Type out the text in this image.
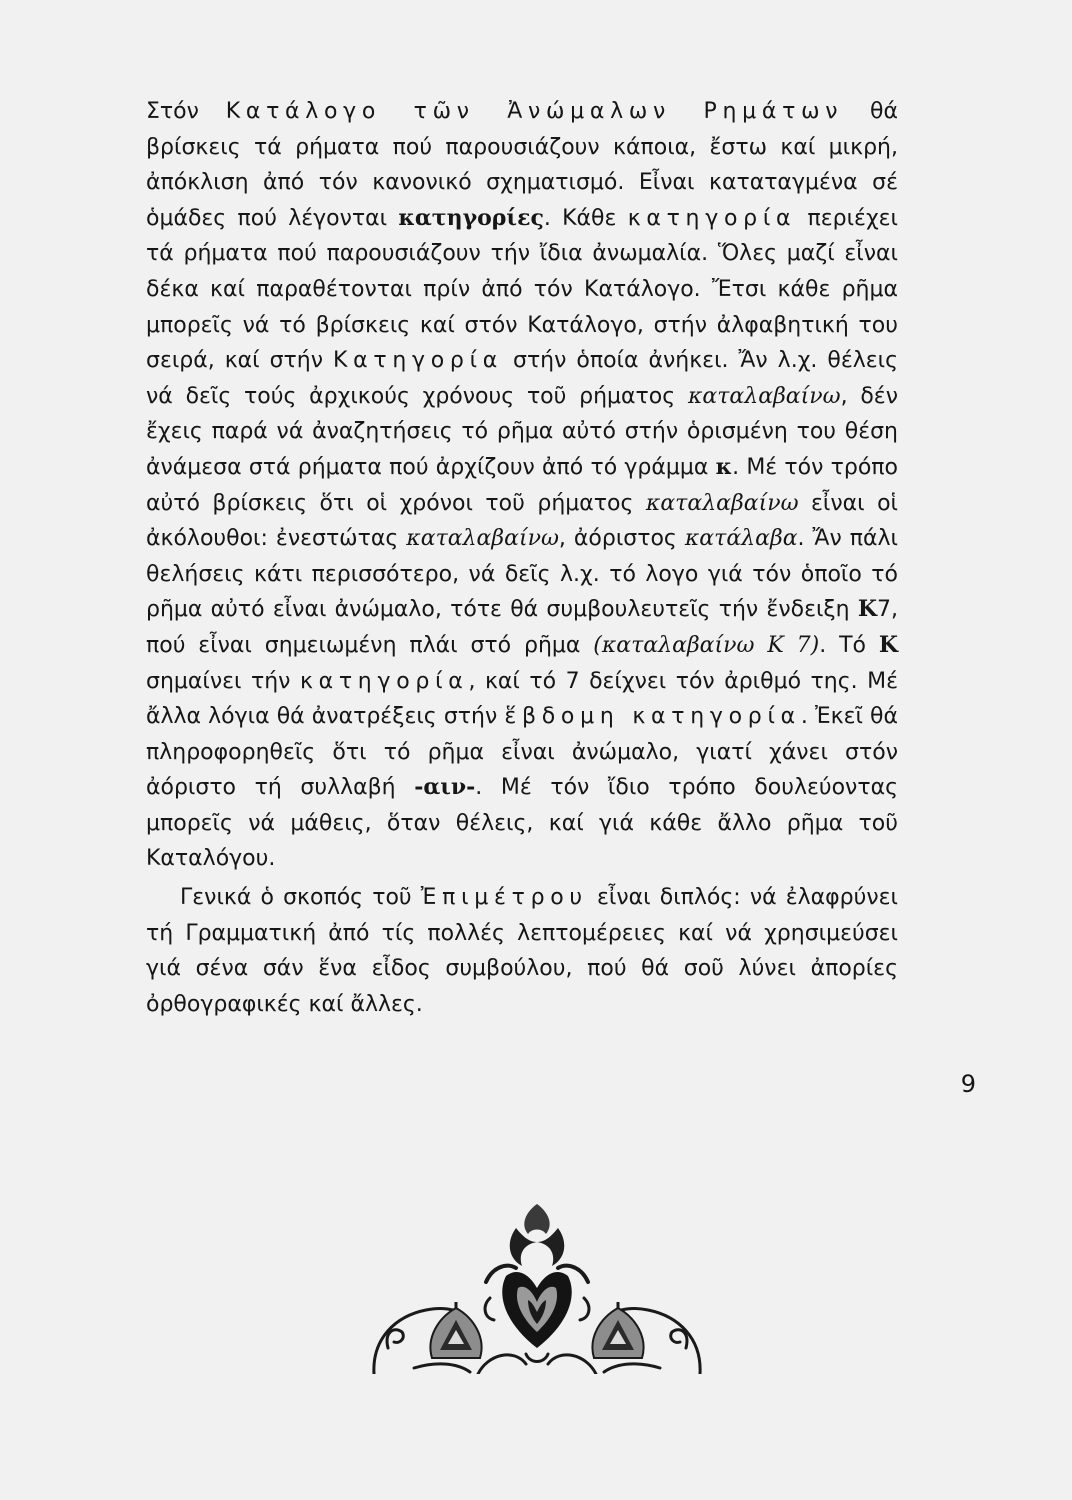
Στόν Κατάλογο τῶν Ἀνώμαλων Ρημάτων θά βρίσκεις τά ρήματα πού παρουσιάζουν κάποια, ἔστω καί μικρή, ἀπόκλιση ἀπό τόν κανονικό σχηματισμό. Εἶναι καταταγμένα σέ ὁμάδες πού λέγονται κατηγορίες. Κάθε κατηγορία περιέχει τά ρήματα πού παρουσιάζουν τήν ἴδια ἀνωμαλία. Ὅλες μαζί εἶναι δέκα καί παραθέτονται πρίν ἀπό τόν Κατάλογο. Ἔτσι κάθε ρῆμα μπορεῖς νά τό βρίσκεις καί στόν Κατάλογο, στήν ἀλφαβητική του σειρά, καί στήν Κατηγορία στήν ὁποία ἀνήκει. Ἄν λ.χ. θέλεις νά δεῖς τούς ἀρχικούς χρόνους τοῦ ρήματος καταλαβαίνω, δέν ἔχεις παρά νά ἀναζητήσεις τό ρῆμα αὐτό στήν ὁρισμένη του θέση ἀνάμεσα στά ρήματα πού ἀρχίζουν ἀπό τό γράμμα κ. Μέ τόν τρόπο αὐτό βρίσκεις ὅτι οἱ χρόνοι τοῦ ρήματος καταλαβαίνω εἶναι οἱ ἀκόλουθοι: ἐνεστώτας καταλαβαίνω, ἀόριστος κατάλαβα. Ἄν πάλι θελήσεις κάτι περισσότερο, νά δεῖς λ.χ. τό λογο γιά τόν ὁποῖο τό ρῆμα αὐτό εἶναι ἀνώμαλο, τότε θά συμβουλευτεῖς τήν ἔνδειξη Κ7, πού εἶναι σημειωμένη πλάι στό ρῆμα (καταλαβαίνω Κ 7). Τό Κ σημαίνει τήν κατηγορία, καί τό 7 δείχνει τόν ἀριθμό της. Μέ ἄλλα λόγια θά ἀνατρέξεις στήν ἕβδομη κατηγορία. Ἐκεῖ θά πληροφορηθεῖς ὅτι τό ρῆμα εἶναι ἀνώμαλο, γιατί χάνει στόν ἀόριστο τή συλλαβή -αιν-. Μέ τόν ἴδιο τρόπο δουλεύοντας μπορεῖς νά μάθεις, ὅταν θέλεις, καί γιά κάθε ἄλλο ρῆμα τοῦ Καταλόγου.

Γενικά ὁ σκοπός τοῦ Ἐπιμέτρου εἶναι διπλός: νά ἐλαφρύνει τή Γραμματική ἀπό τίς πολλές λεπτομέρειες καί νά χρησιμεύσει γιά σένα σάν ἕνα εἶδος συμβούλου, πού θά σοῦ λύνει ἀπορίες ὀρθογραφικές καί ἄλλες.

9
